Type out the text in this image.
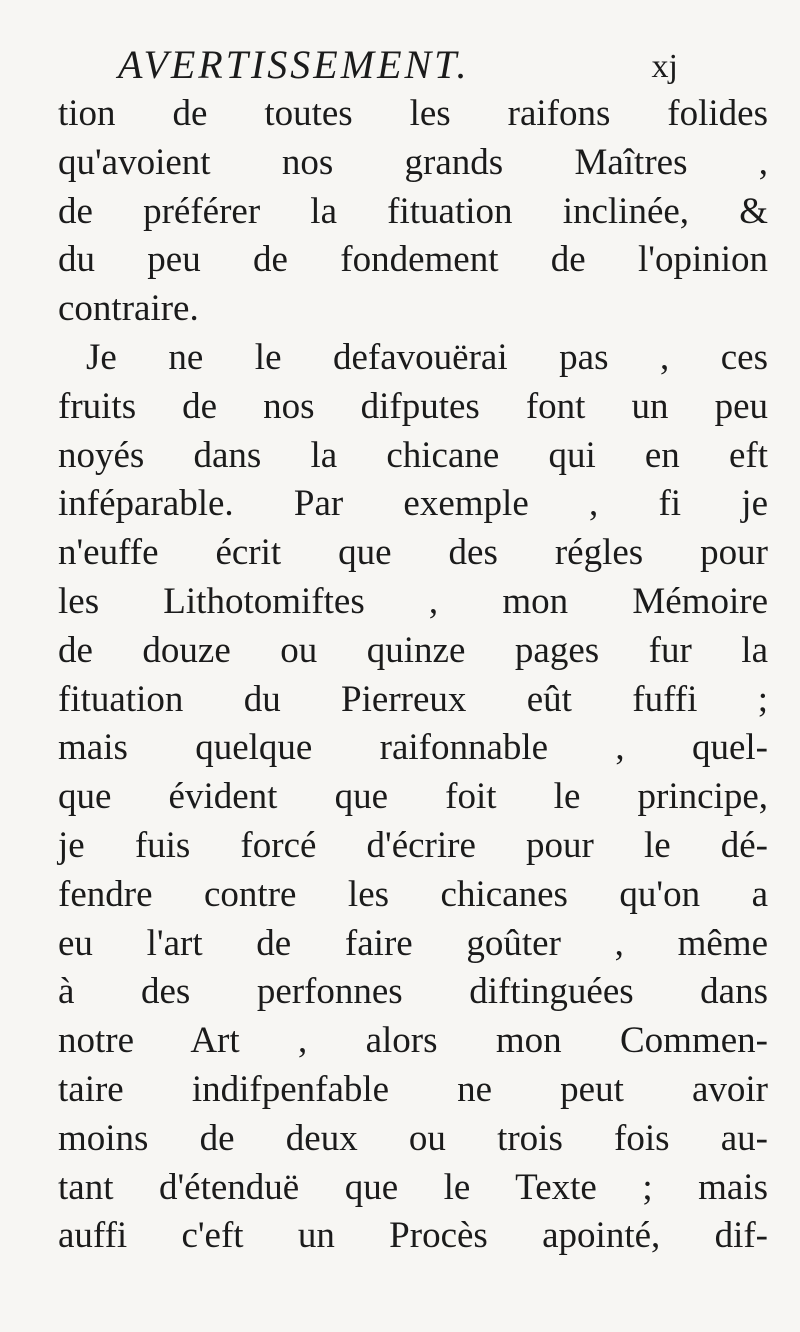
AVERTISSEMENT.	xj
tion de toutes les raifons folides
qu'avoient nos grands Maîtres ,
de préférer la fituation inclinée, &
du peu de fondement de l'opinion
contraire.
Je ne le defavouërai pas , ces
fruits de nos difputes font un peu
noyés dans la chicane qui en eft
inféparable. Par exemple , fi je
n'euffe écrit que des régles pour
les Lithotomiftes , mon Mémoire
de douze ou quinze pages fur la
fituation du Pierreux eût fuffi ;
mais quelque raifonnable , quel-
que évident que foit le principe,
je fuis forcé d'écrire pour le dé-
fendre contre les chicanes qu'on a
eu l'art de faire goûter , même
à des perfonnes diftinguées dans
notre Art , alors mon Commen-
taire indifpenfable ne peut avoir
moins de deux ou trois fois au-
tant d'étenduë que le Texte ; mais
auffi c'eft un Procès apointé, dif-
